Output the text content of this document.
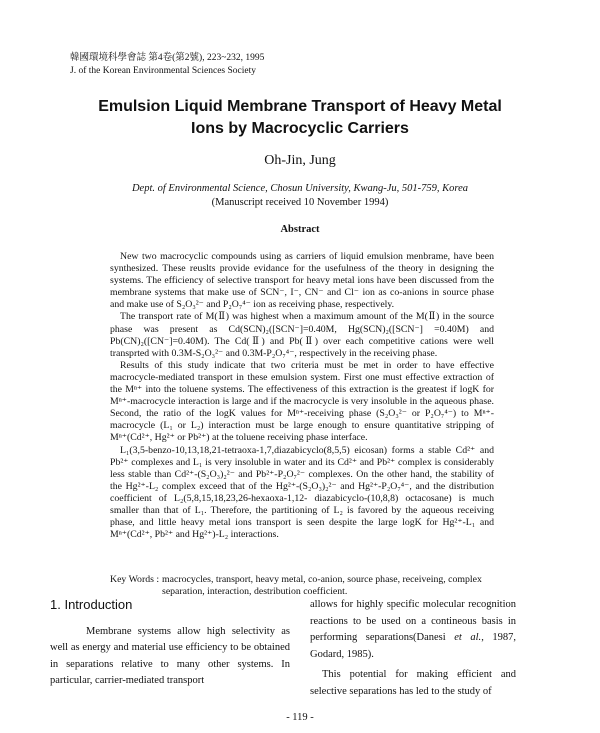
韓國環境科學會誌 第4卷(第2號), 223~232, 1995
J. of the Korean Environmental Sciences Society
Emulsion Liquid Membrane Transport of Heavy Metal
Ions by Macrocyclic Carriers
Oh-Jin, Jung
Dept. of Environmental Science, Chosun University, Kwang-Ju, 501-759, Korea
(Manuscript received 10 November 1994)
Abstract

New two macrocyclic compounds using as carriers of liquid emulsion menbrame, have been synthesized. These reuslts provide evidance for the usefulness of the theory in designing the systems. The efficiency of selective transport for heavy metal ions have been discussed from the membrane systems that make use of SCN⁻, I⁻, CN⁻ and Cl⁻ ion as co-anions in source phase and make use of S₂O₃²⁻ and P₂O₇⁴⁻ ion as receiving phase, respectively.

The transport rate of M(Ⅱ) was highest when a maximum amount of the M(Ⅱ) in the source phase was present as Cd(SCN)₂([SCN⁻]=0.40M, Hg(SCN)₂([SCN⁻] =0.40M) and Pb(CN)₂([CN⁻]=0.40M). The Cd(Ⅱ) and Pb(Ⅱ) over each competitive cations were well transprted with 0.3M-S₂O₃²⁻ and 0.3M-P₂O₇⁴⁻, respectively in the receiving phase.

Results of this study indicate that two criteria must be met in order to have effective macrocycle-mediated transport in these emulsion system. First one must effective extraction of the Mⁿ⁺ into the toluene systems. The effectiveness of this extraction is the greatest if logK for Mⁿ⁺-macrocycle interaction is large and if the macrocycle is very insoluble in the aqueous phase. Second, the ratio of the logK values for Mⁿ⁺-receiving phase (S₂O₃²⁻ or P₂O₇⁴⁻) to Mⁿ⁺-macrocycle (L₁ or L₂) interaction must be large enough to ensure quantitative stripping of Mⁿ⁺(Cd²⁺, Hg²⁺ or Pb²⁺) at the toluene receiving phase interface.

L₁(3,5-benzo-10,13,18,21-tetraoxa-1,7,diazabicyclo(8,5,5) eicosan) forms a stable Cd²⁺ and Pb²⁺ complexes and L₁ is very insoluble in water and its Cd²⁺ and Pb²⁺ complex is considerably less stable than Cd²⁺-(S₂O₃)₂²⁻ and Pb²⁺-P₂O₇²⁻ complexes. On the other hand, the stability of the Hg²⁺-L₂ complex exceed that of the Hg²⁺-(S₂O₃)₂²⁻ and Hg²⁺-P₂O₇⁴⁻, and the distribution coefficient of L₂(5,8,15,18,23,26-hexaoxa-1,12- diazabicyclo-(10,8,8) octacosane) is much smaller than that of L₁. Therefore, the partitioning of L₂ is favored by the aqueous receiving phase, and little heavy metal ions transport is seen despite the large logK for Hg²⁺-L₁ and Mⁿ⁺(Cd²⁺, Pb²⁺ and Hg²⁺)-L₂ interactions.

Key Words : macrocycles, transport, heavy metal, co-anion, source phase, receiveing, complex separation, interaction, destribution coefficient.
1. Introduction

Membrane systems allow high selectivity as well as energy and material use efficiency to be obtained in separations relative to many other systems. In particular, carrier-mediated transport

allows for highly specific molecular recognition reactions to be used on a contineous basis in performing separations(Danesi et al., 1987, Godard, 1985).

This potential for making efficient and selective separations has led to the study of

- 119 -
